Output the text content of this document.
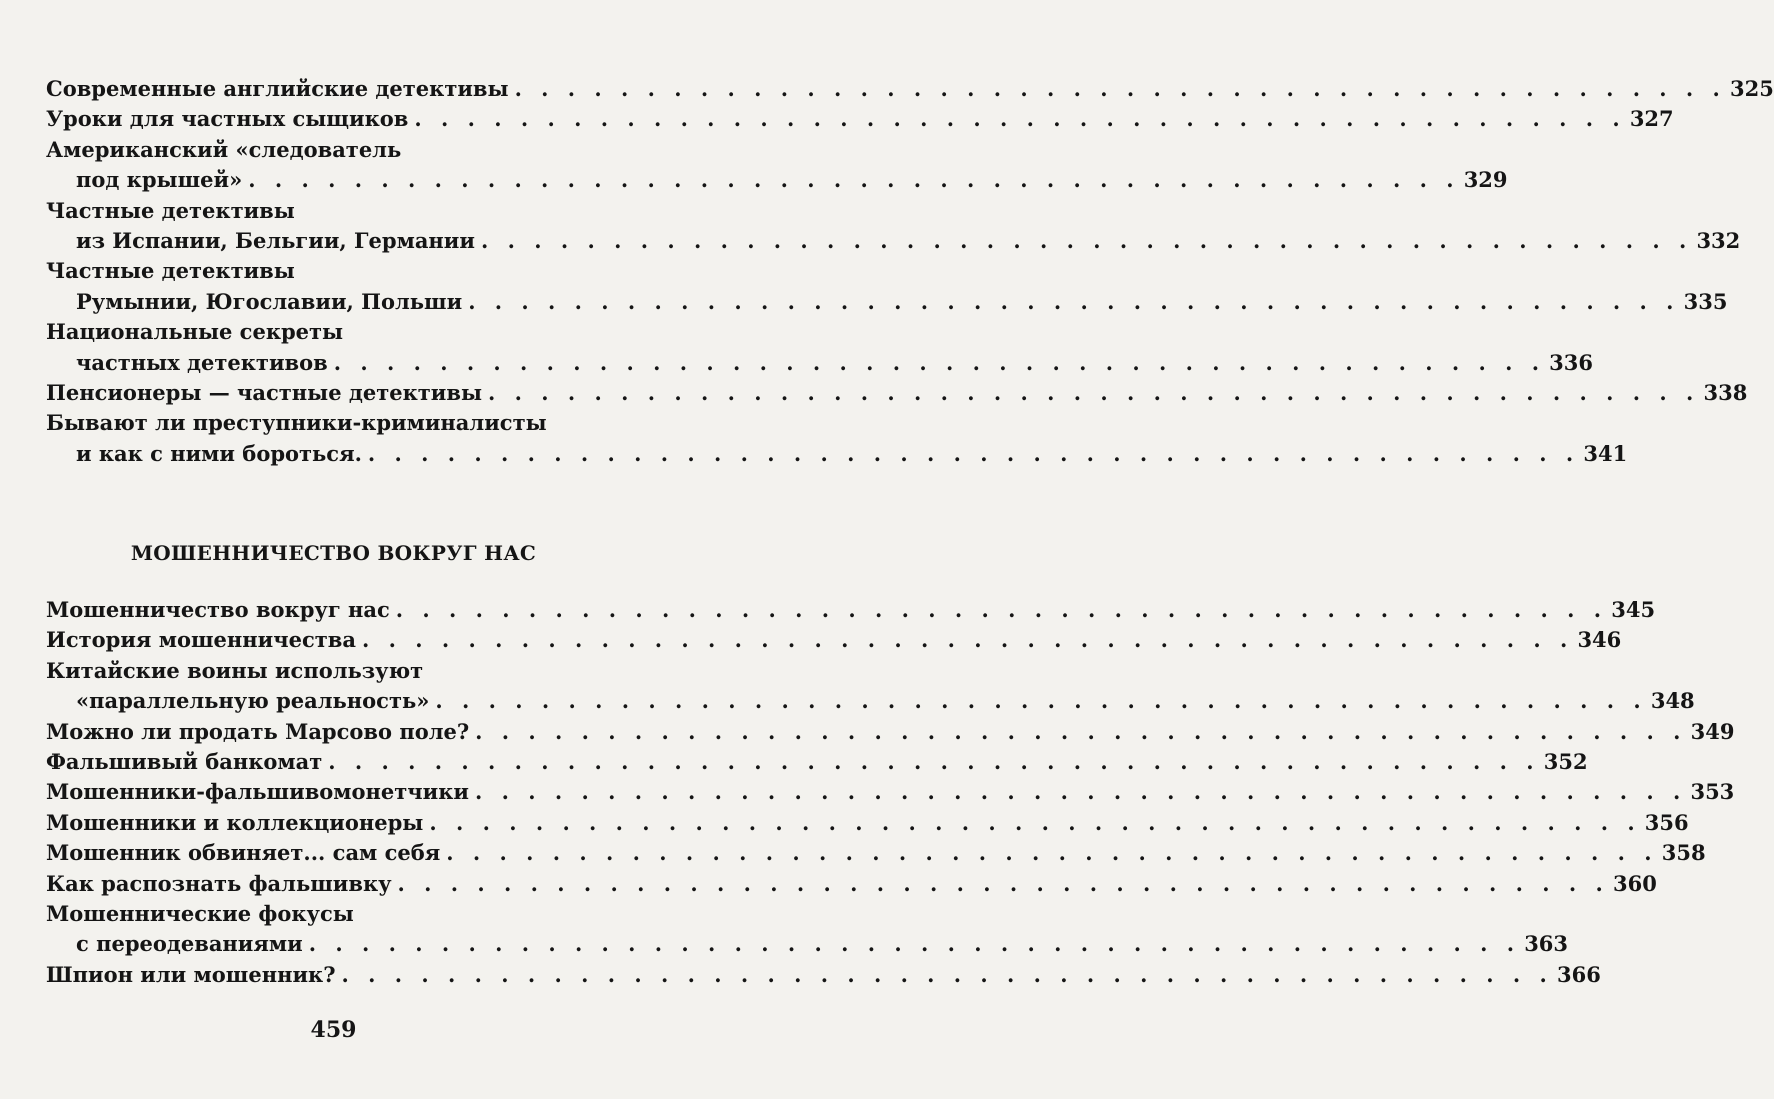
Современные английские детективы . . .	325
Уроки для частных сыщиков . . .	327
Американский «следователь
под крышей» . . .	329
Частные детективы
из Испании, Бельгии, Германии . . .	332
Частные детективы
Румынии, Югославии, Польши . . .	335
Национальные секреты
частных детективов . . .	336
Пенсионеры — частные детективы . . .	338
Бывают ли преступники-криминалисты
и как с ними бороться. . . .	341
МОШЕННИЧЕСТВО ВОКРУГ НАС
Мошенничество вокруг нас . . .	345
История мошенничества . . .	346
Китайские воины используют
«параллельную реальность» . . .	348
Можно ли продать Марсово поле? . . .	349
Фальшивый банкомат . . .	352
Мошенники-фальшивомонетчики . . .	353
Мошенники и коллекционеры . . .	356
Мошенник обвиняет... сам себя . . .	358
Как распознать фальшивку . . .	360
Мошеннические фокусы
с переодеваниями . . .	363
Шпион или мошенник? . . .	366
459
